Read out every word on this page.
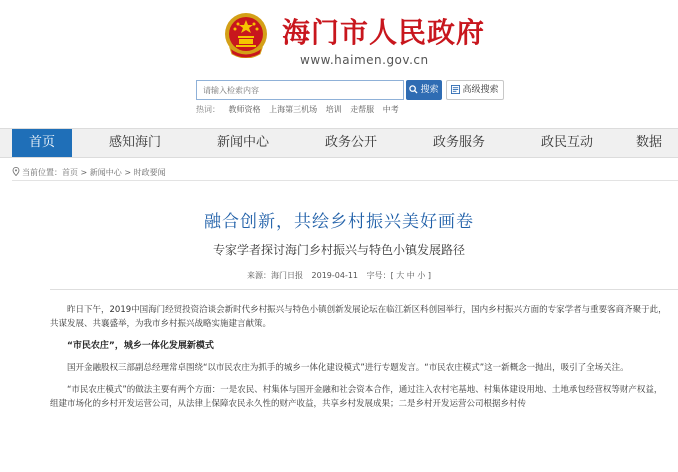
海门市人民政府
www.haimen.gov.cn
请输入检索内容
搜索	高级搜索
热词： 教师资格 上海第三机场 培训 走帮服 中考
首页	感知海门	新闻中心	政务公开	政务服务	政民互动	数据
当前位置：首页 > 新闻中心 > 时政要闻
融合创新，共绘乡村振兴美好画卷
专家学者探讨海门乡村振兴与特色小镇发展路径
来源：海门日报 2019-04-11 字号：[ 大 中 小 ]

昨日下午，2019中国海门经贸投资洽谈会新时代乡村振兴与特色小镇创新发展论坛在临江新区科创园举行，国内乡村振兴方面的专家学者与重要客商齐聚于此，共谋发展、共襄盛举，为我市乡村振兴战略实施建言献策。

“市民农庄”，城乡一体化发展新模式

国开金融股权三部副总经理常卓围绕“以市民农庄为抓手的城乡一体化建设模式”进行专题发言。“市民农庄模式”这一新概念一抛出，吸引了全场关注。

“市民农庄模式”的做法主要有两个方面：一是农民、村集体与国开金融和社会资本合作，通过注入农村宅基地、村集体建设用地、土地承包经营权等财产权益，组建市场化的乡村开发运营公司，从法律上保障农民永久性的财产收益，共享乡村发展成果；二是乡村开发运营公司根据乡村传
